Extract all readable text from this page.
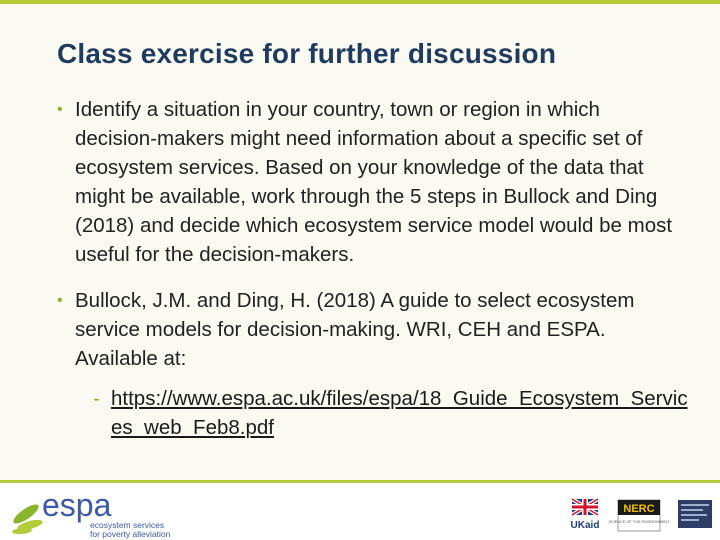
Class exercise for further discussion

• Identify a situation in your country, town or region in which decision-makers might need information about a specific set of ecosystem services. Based on your knowledge of the data that might be available, work through the 5 steps in Bullock and Ding (2018) and decide which ecosystem service model would be most useful for the decision-makers.

• Bullock, J.M. and Ding, H. (2018) A guide to select ecosystem service models for decision-making. WRI, CEH and ESPA. Available at:

- https://www.espa.ac.uk/files/espa/18_Guide_Ecosystem_Services_web_Feb8.pdf

espa
ecosystem services
for poverty alleviation
UKaid
NERC
SCIENCE OF THE ENVIRONMENT
